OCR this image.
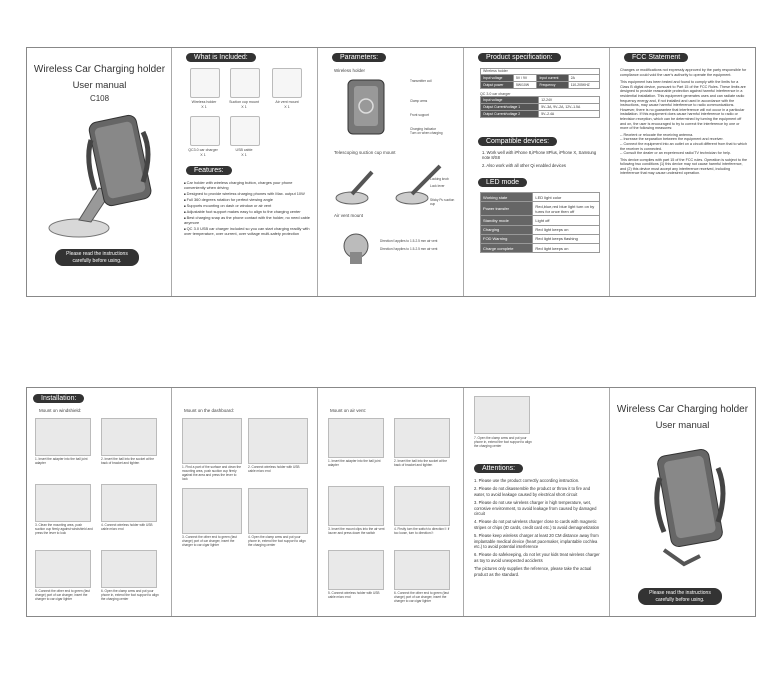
Wireless Car Charging holder
User manual
C108
Please read the instructions
carefully before using.
What is Included:
Wireless holder
X 1
Suction cup mount
X 1
Air vent mount
X 1
QC3.0 car charger
X 1
USB cable
X 1
Features:
■ Car holder with wireless charging button, charges your phone conveniently when driving
■ Designed to provide wireless charging phones with Max. output 10W
■ Full 360 degrees rotation for perfect viewing angle
■ Supports mounting on dash or window or air vent
■ Adjustable foot support makes easy to align to the charging center
■ Best charging snap as the phone contact with the holder, no need cable anymore
■ QC 3.0 USB car charger included so you can start charging readily with over temperature, over current, over voltage multi-safety protection
Parameters:
Wireless holder
Transmitter coil
Clamp arms
Front support
Charging Indicator
Turn on when charging
Telescoping suction cup mount
Locking knob
Lock lever
Sticky Pu suction cup
Air vent mount
Direction①applies to 1.5-2.5 mm air vent
Direction②applies to 1.5-2.5 mm air vent
Product specification:
Wireless holder
Input voltage	5V / 9V	Input current	2A
Output power	5W/10W	Frequency	110-205KHZ
QC 3.0 car charger
Input voltage	12-24V
Output Current/voltage 1	5V–3A, 9V–2A, 12V–1.5A
Output Current/voltage 2	5V–2.4A
Compatible devices:
1. Work well with iPhone 8,iPhone 8Plus, iPhone X, Samsung note 8/S8
2. Also work with all other Qi enabled devices
LED mode
Working state	LED light color
Power transfer	Red,blue,red blue light turn on by turns for once then off
Standby mode	Light off
Charging	Red light keeps on
FOD Warning	Red light keeps flashing
Charge complete	Red light keeps on
FCC Statement

Changes or modifications not expressly approved by the party responsible for compliance could void the user's authority to operate the equipment.

This equipment has been tested and found to comply with the limits for a Class B digital device, pursuant to Part 15 of the FCC Rules. These limits are designed to provide reasonable protection against harmful interference in a residential installation. This equipment generates uses and can radiate radio frequency energy and, if not installed and used in accordance with the instructions, may cause harmful interference to radio communications. However, there is no guarantee that interference will not occur in a particular installation. If this equipment does cause harmful interference to radio or television reception, which can be determined by turning the equipment off and on, the user is encouraged to try to correct the interference by one or more of the following measures:

-- Reorient or relocate the receiving antenna.

-- Increase the separation between the equipment and receiver.

-- Connect the equipment into an outlet on a circuit different from that to which the receiver is connected.

-- Consult the dealer or an experienced radio/TV technician for help.

This device complies with part 15 of the FCC rules. Operation is subject to the following two conditions (1) this device may not cause harmful interference, and (2) this device must accept any interference received, including interference that may cause undesired operation.

Installation:
Mount on windshield:
1. Insert the adapter into the ball joint adapter
2. Insert the ball into the socket at the back of bracket and tighten
3. Clean the mounting area, push suction cup firmly against windshield and press the lever to lock
4. Connect wireless holder with USB cable micro end
5. Connect the other end to green (fast charge) port of car charger, insert the charger to car cigar lighter
6. Open the clamp arms and put your phone in, extend the foot support to align the charging center
Mount on the dashboard:
1. Find a part of the surface and clean the mounting area, push suction cup firmly against the area and press the lever to lock
2. Connect wireless holder with USB cable micro end
3. Connect the other end to green (fast charge) port of car charger, insert the charger to car cigar lighter
4. Open the clamp arms and put your phone in, extend the foot support to align the charging center
Mount on air vent:
1. Insert the adapter into the ball joint adapter
2. Insert the ball into the socket at the back of bracket and tighten
3. Insert the mount clips into the air vent louver and press down the switch
4. Firstly turn the switch to direction① if too loose, turn to direction②
5. Connect wireless holder with USB cable micro end
6. Connect the other end to green (fast charge) port of car charger, insert the charger to car cigar lighter
7. Open the clamp arms and put your phone in, extend the foot support to align the charging center
Attentions:
1. Please use the product correctly according instruction.
2. Please do not disassemble the product or throw it to fire and water, to avoid leakage caused by electrical short circuit
3. Please do not use wireless charger in high temperature, wet, corrosive environment, to avoid leakage from caused by damaged circuit
4. Please do not put wireless charger close to cards with magnetic stripes or chips (ID cards, credit card etc.) to avoid demagnetization
5. Please keep wireless charger at least 20 CM distance away from implantable medical device (heart pacemaker, implantable cochlea etc.) to avoid potential interference
6. Please do safekeeping, do not let your kids treat wireless charger as toy to avoid unexpected accidents
The pictures only supplies the reference, please take the actual product as the standard.
Wireless Car Charging holder
User manual
Please read the instructions
carefully before using.
